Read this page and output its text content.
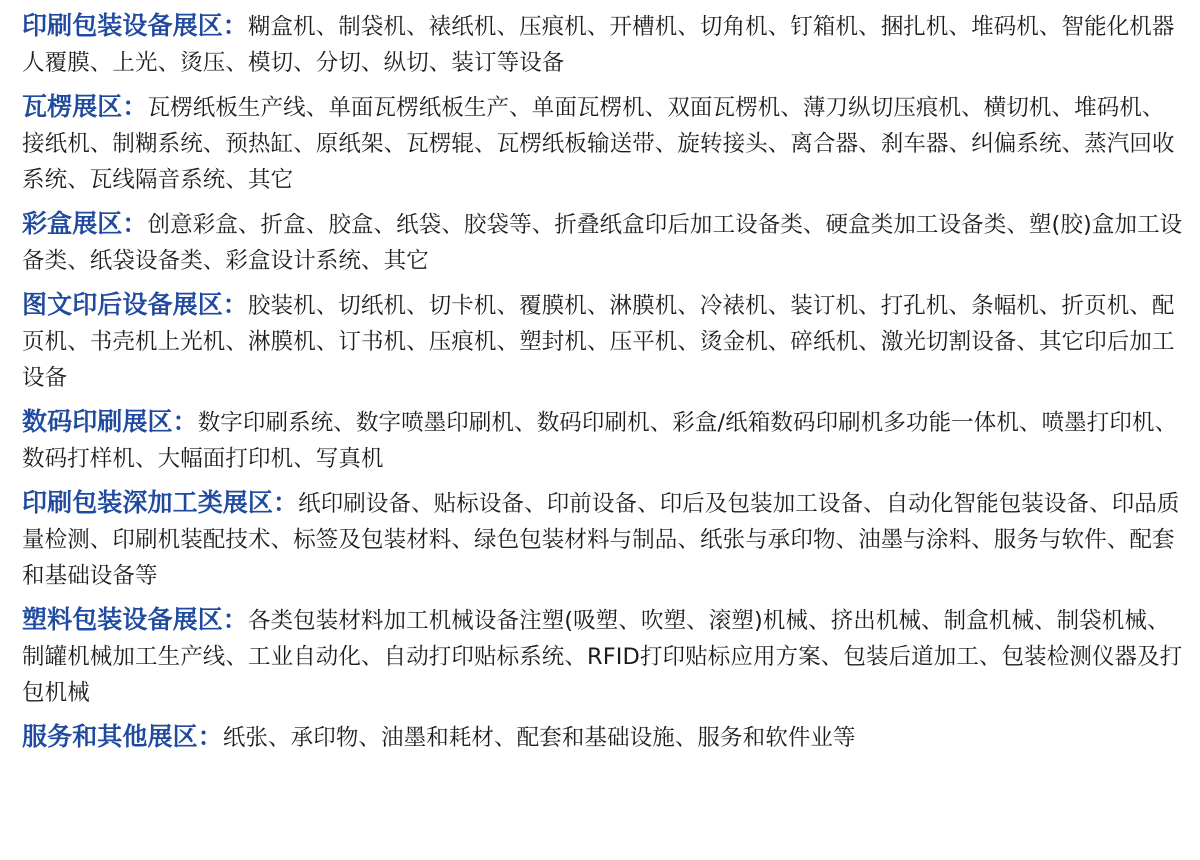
印刷包装设备展区：糊盒机、制袋机、裱纸机、压痕机、开槽机、切角机、钉箱机、捆扎机、堆码机、智能化机器人覆膜、上光、烫压、模切、分切、纵切、装订等设备

瓦楞展区：瓦楞纸板生产线、单面瓦楞纸板生产、单面瓦楞机、双面瓦楞机、薄刀纵切压痕机、横切机、堆码机、接纸机、制糊系统、预热缸、原纸架、瓦楞辊、瓦楞纸板输送带、旋转接头、离合器、刹车器、纠偏系统、蒸汽回收系统、瓦线隔音系统、其它

彩盒展区：创意彩盒、折盒、胶盒、纸袋、胶袋等、折叠纸盒印后加工设备类、硬盒类加工设备类、塑(胶)盒加工设备类、纸袋设备类、彩盒设计系统、其它

图文印后设备展区：胶装机、切纸机、切卡机、覆膜机、淋膜机、冷裱机、装订机、打孔机、条幅机、折页机、配页机、书壳机上光机、淋膜机、订书机、压痕机、塑封机、压平机、烫金机、碎纸机、激光切割设备、其它印后加工设备

数码印刷展区：数字印刷系统、数字喷墨印刷机、数码印刷机、彩盒/纸箱数码印刷机多功能一体机、喷墨打印机、数码打样机、大幅面打印机、写真机

印刷包装深加工类展区：纸印刷设备、贴标设备、印前设备、印后及包装加工设备、自动化智能包装设备、印品质量检测、印刷机装配技术、标签及包装材料、绿色包装材料与制品、纸张与承印物、油墨与涂料、服务与软件、配套和基础设备等

塑料包装设备展区：各类包装材料加工机械设备注塑(吸塑、吹塑、滚塑)机械、挤出机械、制盒机械、制袋机械、制罐机械加工生产线、工业自动化、自动打印贴标系统、RFID打印贴标应用方案、包装后道加工、包装检测仪器及打包机械

服务和其他展区：纸张、承印物、油墨和耗材、配套和基础设施、服务和软件业等
